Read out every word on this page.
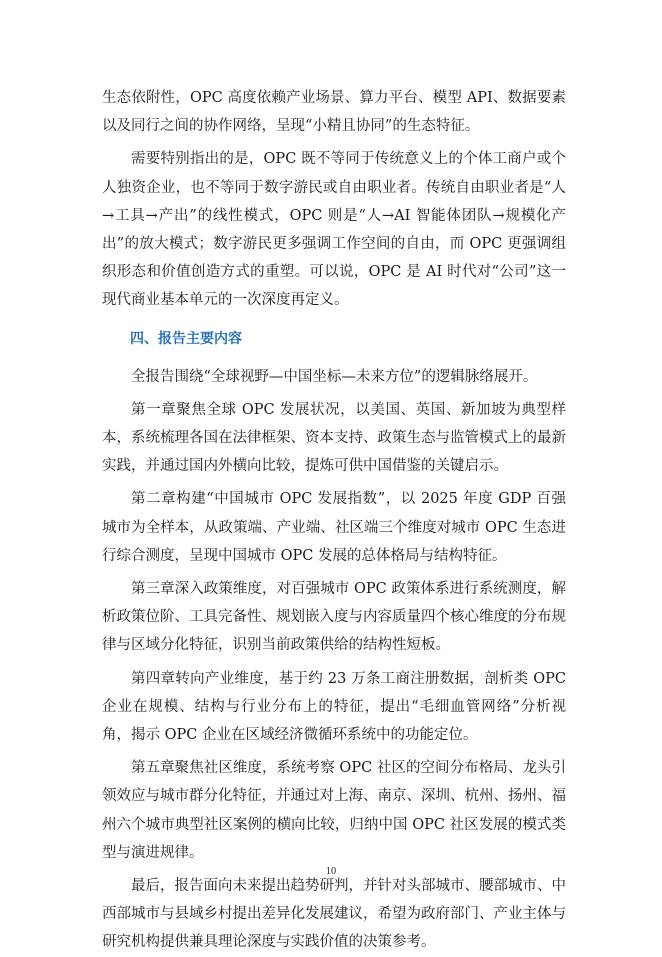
生态依附性，OPC 高度依赖产业场景、算力平台、模型 API、数据要素以及同行之间的协作网络，呈现“小精且协同”的生态特征。

需要特别指出的是，OPC 既不等同于传统意义上的个体工商户或个人独资企业，也不等同于数字游民或自由职业者。传统自由职业者是“人→工具→产出”的线性模式，OPC 则是“人→AI 智能体团队→规模化产出”的放大模式；数字游民更多强调工作空间的自由，而 OPC 更强调组织形态和价值创造方式的重塑。可以说，OPC 是 AI 时代对“公司”这一现代商业基本单元的一次深度再定义。

四、报告主要内容

全报告围绕“全球视野—中国坐标—未来方位”的逻辑脉络展开。

第一章聚焦全球 OPC 发展状况，以美国、英国、新加坡为典型样本，系统梳理各国在法律框架、资本支持、政策生态与监管模式上的最新实践，并通过国内外横向比较，提炼可供中国借鉴的关键启示。

第二章构建“中国城市 OPC 发展指数”，以 2025 年度 GDP 百强城市为全样本，从政策端、产业端、社区端三个维度对城市 OPC 生态进行综合测度，呈现中国城市 OPC 发展的总体格局与结构特征。

第三章深入政策维度，对百强城市 OPC 政策体系进行系统测度，解析政策位阶、工具完备性、规划嵌入度与内容质量四个核心维度的分布规律与区域分化特征，识别当前政策供给的结构性短板。

第四章转向产业维度，基于约 23 万条工商注册数据，剖析类 OPC 企业在规模、结构与行业分布上的特征，提出“毛细血管网络”分析视角，揭示 OPC 企业在区域经济微循环系统中的功能定位。

第五章聚焦社区维度，系统考察 OPC 社区的空间分布格局、龙头引领效应与城市群分化特征，并通过对上海、南京、深圳、杭州、扬州、福州六个城市典型社区案例的横向比较，归纳中国 OPC 社区发展的模式类型与演进规律。

最后，报告面向未来提出趋势研判，并针对头部城市、腰部城市、中西部城市与县域乡村提出差异化发展建议，希望为政府部门、产业主体与研究机构提供兼具理论深度与实践价值的决策参考。

10
